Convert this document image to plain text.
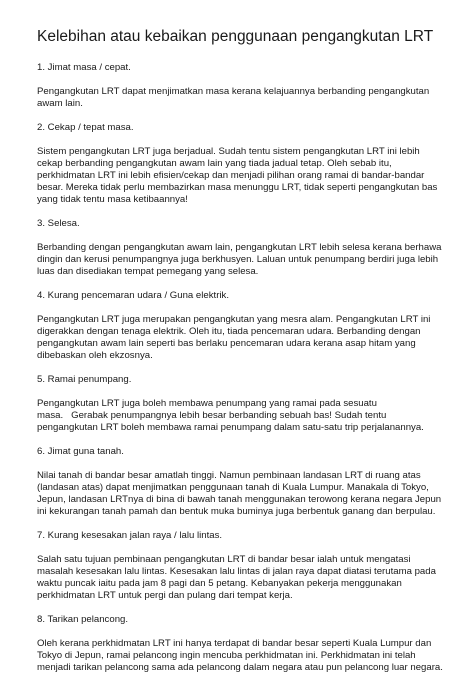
Kelebihan atau kebaikan penggunaan pengangkutan LRT
1. Jimat masa / cepat.
Pengangkutan LRT dapat menjimatkan masa kerana kelajuannya berbanding pengangkutan
awam lain.
2. Cekap / tepat masa.
Sistem pengangkutan LRT juga berjadual. Sudah tentu sistem pengangkutan LRT ini lebih
cekap berbanding pengangkutan awam lain yang tiada jadual tetap. Oleh sebab itu,
perkhidmatan LRT ini lebih efisien/cekap dan menjadi pilihan orang ramai di bandar-bandar
besar. Mereka tidak perlu membazirkan masa menunggu LRT, tidak seperti pengangkutan bas
yang tidak tentu masa ketibaannya!
3. Selesa.
Berbanding dengan pengangkutan awam lain, pengangkutan LRT lebih selesa kerana berhawa
dingin dan kerusi penumpangnya juga berkhusyen. Laluan untuk penumpang berdiri juga lebih
luas dan disediakan tempat pemegang yang selesa.
4. Kurang pencemaran udara / Guna elektrik.
Pengangkutan LRT juga merupakan pengangkutan yang mesra alam. Pengangkutan LRT ini
digerakkan dengan tenaga elektrik. Oleh itu, tiada pencemaran udara. Berbanding dengan
pengangkutan awam lain seperti bas berlaku pencemaran udara kerana asap hitam yang
dibebaskan oleh ekzosnya.
5. Ramai penumpang.
Pengangkutan LRT juga boleh membawa penumpang yang ramai pada sesuatu
masa.   Gerabak penumpangnya lebih besar berbanding sebuah bas! Sudah tentu
pengangkutan LRT boleh membawa ramai penumpang dalam satu-satu trip perjalanannya.
6. Jimat guna tanah.
Nilai tanah di bandar besar amatlah tinggi. Namun pembinaan landasan LRT di ruang atas
(landasan atas) dapat menjimatkan penggunaan tanah di Kuala Lumpur. Manakala di Tokyo,
Jepun, landasan LRTnya di bina di bawah tanah menggunakan terowong kerana negara Jepun
ini kekurangan tanah pamah dan bentuk muka buminya juga berbentuk ganang dan berpulau.
7. Kurang kesesakan jalan raya / lalu lintas.
Salah satu tujuan pembinaan pengangkutan LRT di bandar besar ialah untuk mengatasi
masalah kesesakan lalu lintas. Kesesakan lalu lintas di jalan raya dapat diatasi terutama pada
waktu puncak iaitu pada jam 8 pagi dan 5 petang. Kebanyakan pekerja menggunakan
perkhidmatan LRT untuk pergi dan pulang dari tempat kerja.
8. Tarikan pelancong.
Oleh kerana perkhidmatan LRT ini hanya terdapat di bandar besar seperti Kuala Lumpur dan
Tokyo di Jepun, ramai pelancong ingin mencuba perkhidmatan ini. Perkhidmatan ini telah
menjadi tarikan pelancong sama ada pelancong dalam negara atau pun pelancong luar negara.
